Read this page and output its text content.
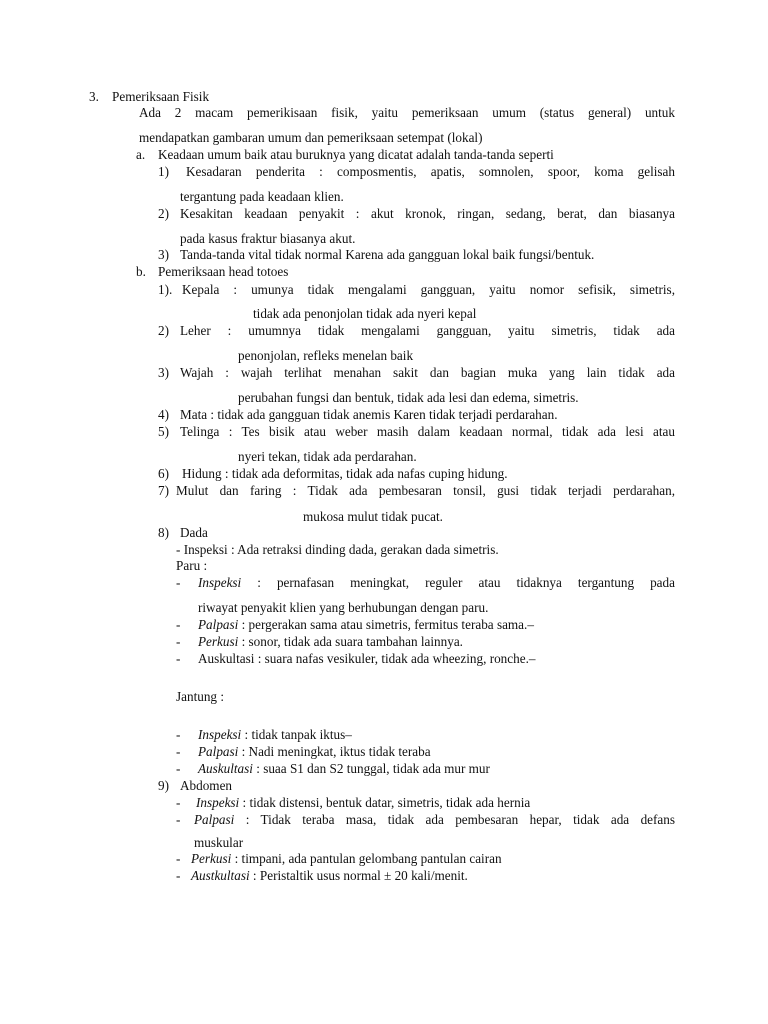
3. Pemeriksaan Fisik
Ada 2 macam pemerikisaan fisik, yaitu pemeriksaan umum (status general) untuk
mendapatkan gambaran umum dan pemeriksaan setempat (lokal)
a. Keadaan umum baik atau buruknya yang dicatat adalah tanda-tanda seperti
1) Kesadaran penderita : composmentis, apatis, somnolen, spoor, koma gelisah
tergantung pada keadaan klien.
2) Kesakitan keadaan penyakit : akut kronok, ringan, sedang, berat, dan biasanya
pada kasus fraktur biasanya akut.
3) Tanda-tanda vital tidak normal Karena ada gangguan lokal baik fungsi/bentuk.
b. Pemeriksaan head totoes
1). Kepala : umunya tidak mengalami gangguan, yaitu nomor sefisik, simetris,
tidak ada penonjolan tidak ada nyeri kepal
2) Leher : umumnya tidak mengalami gangguan, yaitu simetris, tidak ada
penonjolan, refleks menelan baik
3) Wajah : wajah terlihat menahan sakit dan bagian muka yang lain tidak ada
perubahan fungsi dan bentuk, tidak ada lesi dan edema, simetris.
4) Mata : tidak ada gangguan tidak anemis Karen tidak terjadi perdarahan.
5) Telinga : Tes bisik atau weber masih dalam keadaan normal, tidak ada lesi atau
nyeri tekan, tidak ada perdarahan.
6) Hidung : tidak ada deformitas, tidak ada nafas cuping hidung.
7) Mulut dan faring : Tidak ada pembesaran tonsil, gusi tidak terjadi perdarahan,
mukosa mulut tidak pucat.
8) Dada
- Inspeksi : Ada retraksi dinding dada, gerakan dada simetris.
Paru :
- Inspeksi : pernafasan meningkat, reguler atau tidaknya tergantung pada
riwayat penyakit klien yang berhubungan dengan paru.
- Palpasi : pergerakan sama atau simetris, fermitus teraba sama.–
- Perkusi : sonor, tidak ada suara tambahan lainnya.
- Auskultasi : suara nafas vesikuler, tidak ada wheezing, ronche.–
Jantung :
- Inspeksi : tidak tanpak iktus–
- Palpasi : Nadi meningkat, iktus tidak teraba
- Auskultasi : suaa S1 dan S2 tunggal, tidak ada mur mur
9) Abdomen
- Inspeksi : tidak distensi, bentuk datar, simetris, tidak ada hernia
- Palpasi : Tidak teraba masa, tidak ada pembesaran hepar, tidak ada defans
muskular
- Perkusi : timpani, ada pantulan gelombang pantulan cairan
- Austkultasi : Peristaltik usus normal ± 20 kali/menit.
